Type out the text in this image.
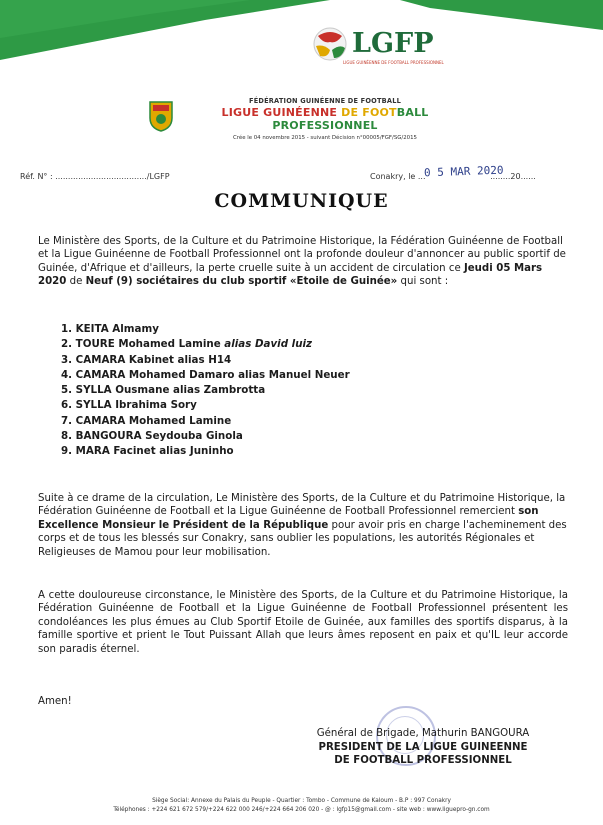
LGFP
LIGUE GUINÉENNE DE FOOTBALL PROFESSIONNEL
FÉDÉRATION GUINÉENNE DE FOOTBALL
LIGUE GUINÉENNE DE FOOTBALL PROFESSIONNEL
Crée le 04 novembre 2015 - suivant Décision n°00005/FGF/SG/2015
Réf. N° : ..................................../LGFP	Conakry, le ...	........20......
0 5 MAR 2020
COMMUNIQUE
Le Ministère des Sports, de la Culture et du Patrimoine Historique, la Fédération Guinéenne de Football et la Ligue Guinéenne de Football Professionnel ont la profonde douleur d'annoncer au public sportif de Guinée, d'Afrique et d'ailleurs, la perte cruelle suite à un accident de circulation ce Jeudi 05 Mars 2020 de Neuf (9) sociétaires du club sportif «Etoile de Guinée» qui sont :
1. KEITA Almamy
2. TOURE Mohamed Lamine alias David luiz
3. CAMARA Kabinet alias H14
4. CAMARA Mohamed Damaro alias Manuel Neuer
5. SYLLA Ousmane alias Zambrotta
6. SYLLA Ibrahima Sory
7. CAMARA Mohamed Lamine
8. BANGOURA Seydouba Ginola
9. MARA Facinet alias Juninho
Suite à ce drame de la circulation, Le Ministère des Sports, de la Culture et du Patrimoine Historique, la Fédération Guinéenne de Football et la Ligue Guinéenne de Football Professionnel remercient son Excellence Monsieur le Président de la République pour avoir pris en charge l'acheminement des corps et de tous les blessés sur Conakry, sans oublier les populations, les autorités Régionales et Religieuses de Mamou pour leur mobilisation.
A cette douloureuse circonstance, le Ministère des Sports, de la Culture et du Patrimoine Historique, la Fédération Guinéenne de Football et la Ligue Guinéenne de Football Professionnel présentent les condoléances les plus émues au Club Sportif Etoile de Guinée, aux familles des sportifs disparus, à la famille sportive et prient le Tout Puissant Allah que leurs âmes reposent en paix et qu'IL leur accorde son paradis éternel.
Amen!
Général de Brigade, Mathurin BANGOURA
PRESIDENT DE LA LIGUE GUINEENNE
DE FOOTBALL PROFESSIONNEL
Siège Social: Annexe du Palais du Peuple - Quartier : Tombo - Commune de Kaloum - B.P : 997 Conakry
Téléphones : +224 621 672 579/+224 622 000 246/+224 664 206 020 - @ : lgfp15@gmail.com - site web : www.liguepro-gn.com
